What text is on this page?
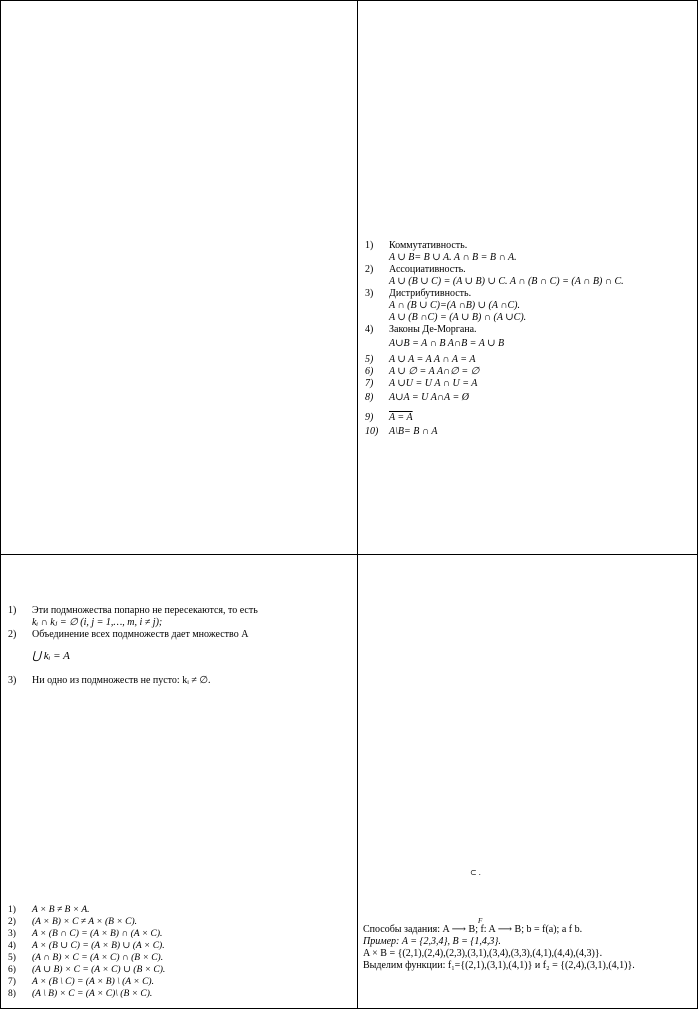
1)	Коммутативность.
A ∪ B= B ∪ A. A ∩ B = B ∩ A.
2)	Ассоциативность.
A ∪ (B ∪ C) = (A ∪ B) ∪ C. A ∩ (B ∩ C) = (A ∩ B) ∩ C.
3)	Дистрибутивность.
A ∩ (B ∪ C)=(A ∩B) ∪ (A ∩C).
A ∪ (B ∩C) = (A ∪ B) ∩ (A ∪C).
4)	Законы Де-Моргана.
A∪B = A ∩ B A∩B = A ∪ B
5)	A ∪ A = A A ∩ A = A
6)	A ∪ ∅ = A A∩∅ = ∅
7)	A ∪U = U A ∩ U = A
8)	A∪A = U A∩A = Ø
9)	A = A
10)	A\B= B ∩ A
1)	Эти подмножества попарно не пересекаются, то есть
kᵢ ∩ kⱼ = ∅ (i, j = 1,…, m, i ≠ j);
2)	Объединение всех подмножеств дает множество A
⋃ kᵢ = A
3)	Ни одно из подмножеств не пусто: kᵢ ≠ ∅.
1)	A × B ≠ B × A.
2)	(A × B) × C ≠ A × (B × C).
3)	A × (B ∩ C) = (A × B) ∩ (A × C).
4)	A × (B ∪ C) = (A × B) ∪ (A × C).
5)	(A ∩ B) × C = (A × C) ∩ (B × C).
6)	(A ∪ B) × C = (A × C) ∪ (B × C).
7)	A × (B \ C) = (A × B) \ (A × C).
8)	(A \ B) × C = (A × C)\ (B × C).
⊂ .
F
Способы задания: A ⟶ B; f: A ⟶ B; b = f(a); a f b.
Пример: A = {2,3,4}, B = {1,4,3}.
A × B = {(2,1),(2,4),(2,3),(3,1),(3,4),(3,3),(4,1),(4,4),(4,3)}.
Выделим функции: f₁={(2,1),(3,1),(4,1)} и f₂ = {(2,4),(3,1),(4,1)}.
